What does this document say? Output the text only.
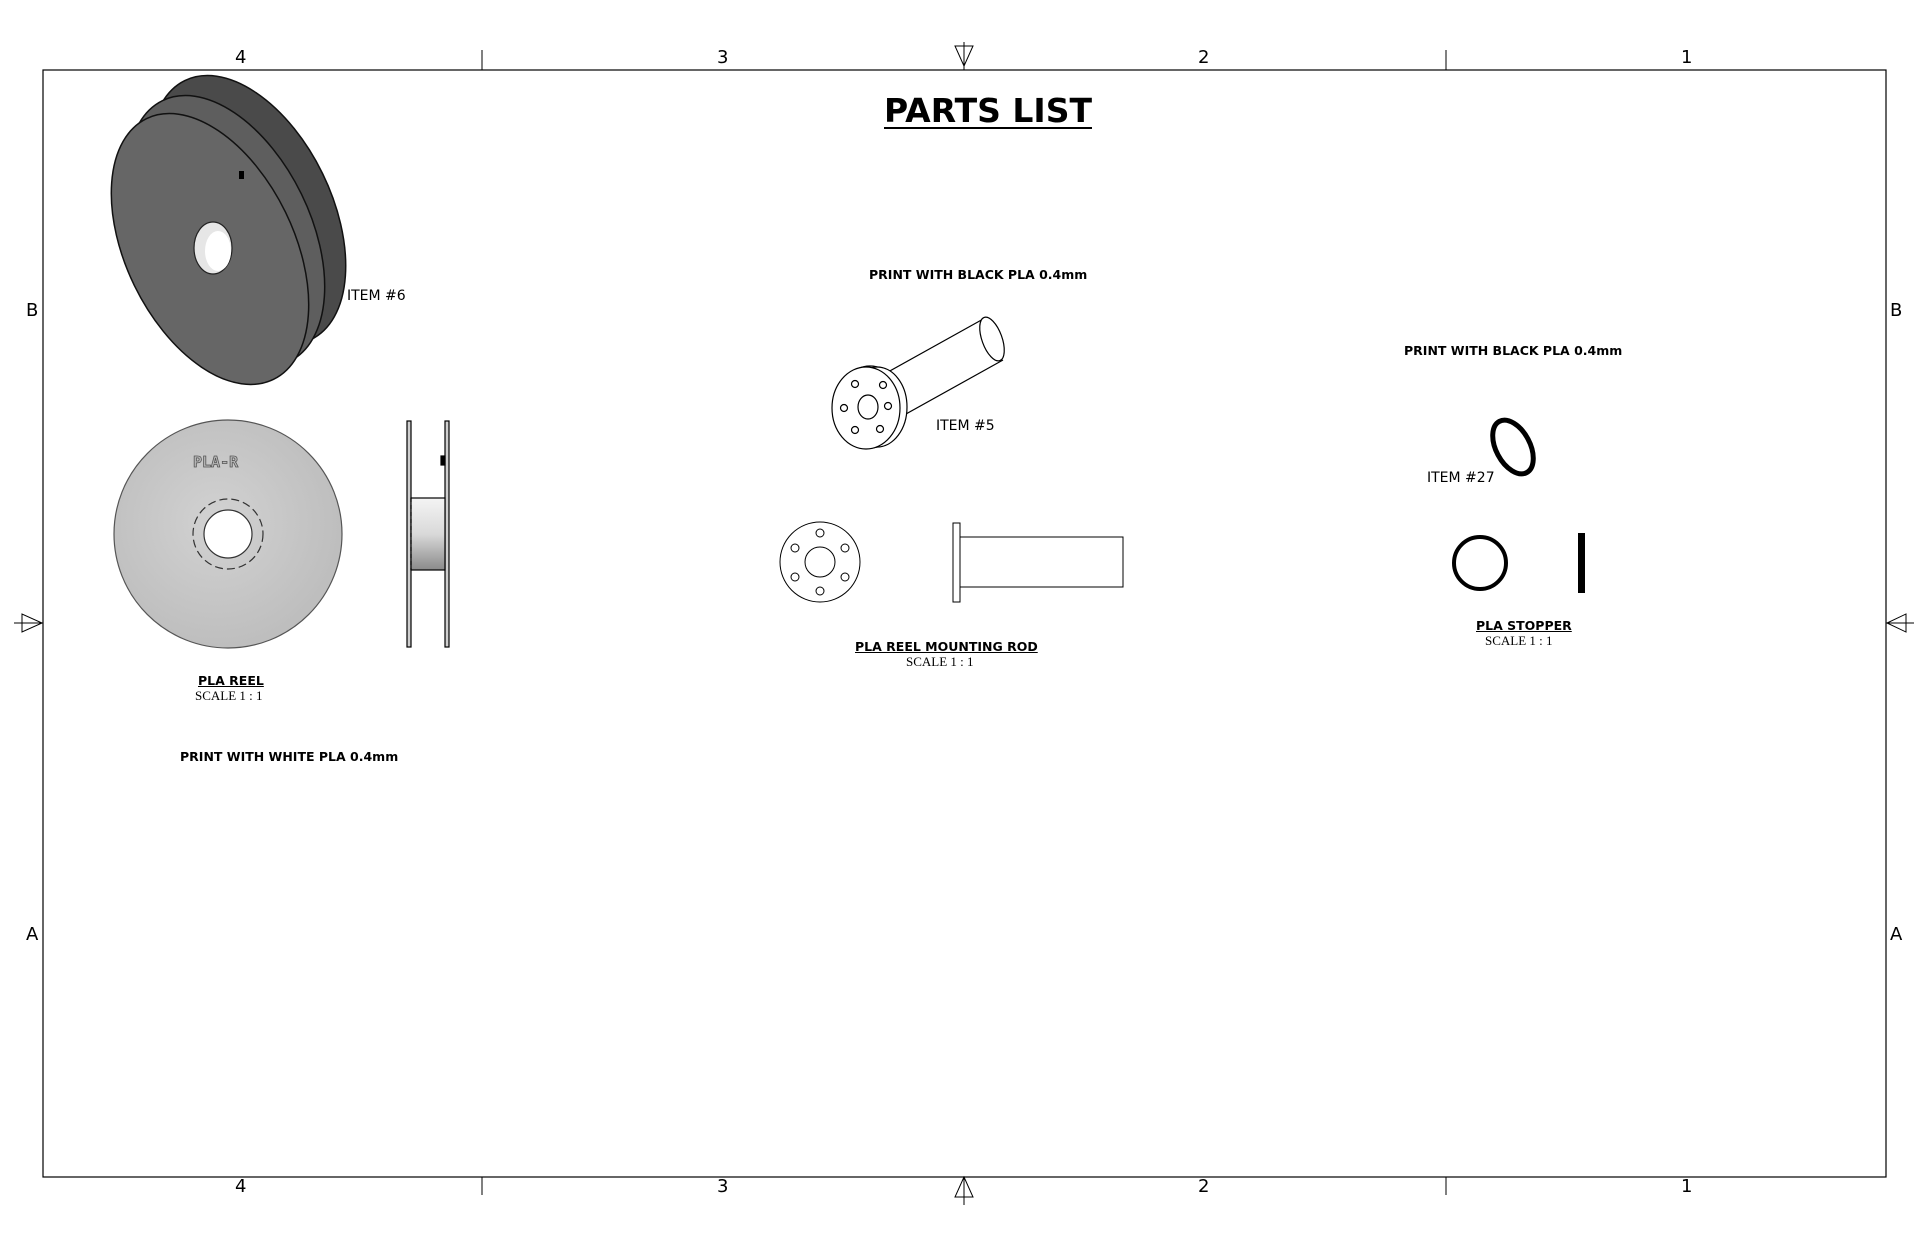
4	3	2	1
4	3	2	1
B
A
B
A
PARTS LIST
PLA-R
PRINT WITH WHITE PLA 0.4mm
PRINT WITH BLACK PLA 0.4mm
PRINT WITH BLACK PLA 0.4mm
ITEM #6
ITEM #5
ITEM #27
PLA REEL
SCALE 1 : 1
PLA REEL MOUNTING ROD
SCALE 1 : 1
PLA STOPPER
SCALE 1 : 1
